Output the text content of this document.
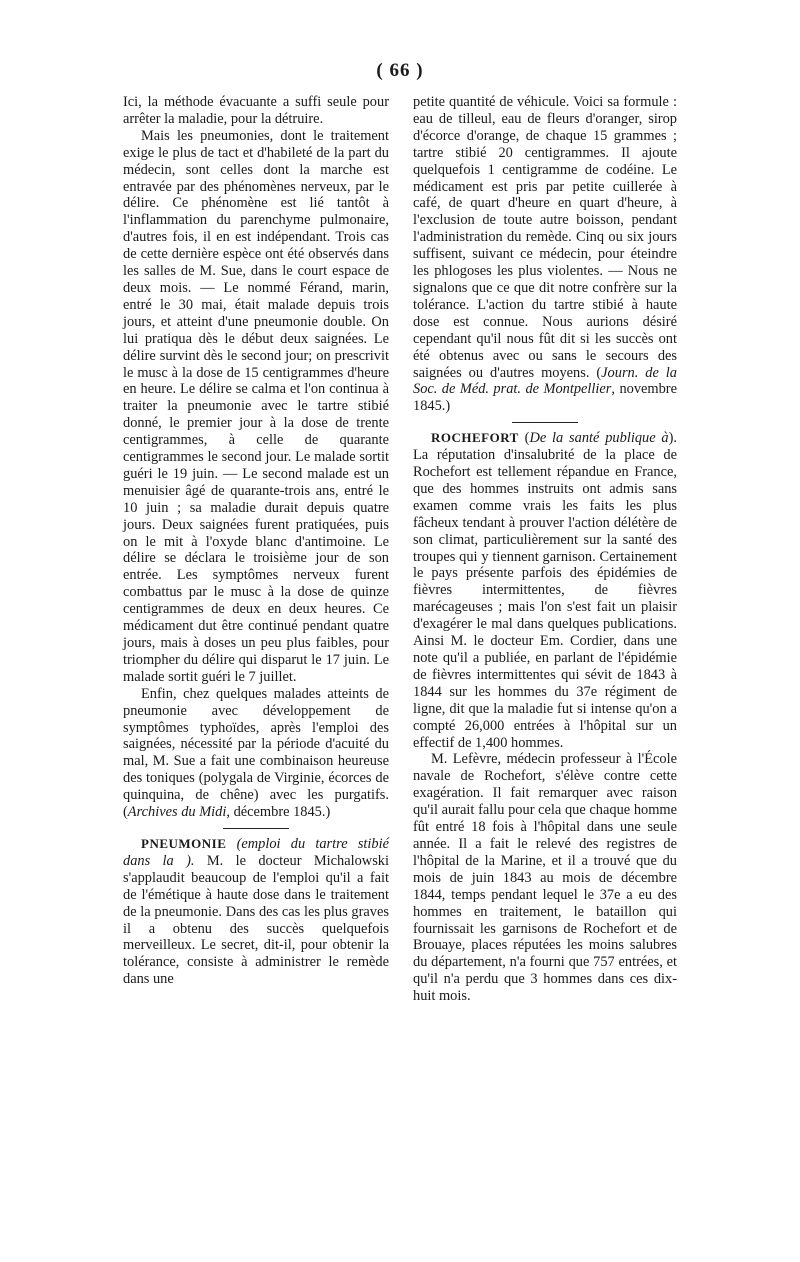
( 66 )

Ici, la méthode évacuante a suffi seule pour arrêter la maladie, pour la détruire.

Mais les pneumonies, dont le traitement exige le plus de tact et d'habileté de la part du médecin, sont celles dont la marche est entravée par des phénomènes nerveux, par le délire. Ce phénomène est lié tantôt à l'inflammation du parenchyme pulmonaire, d'autres fois, il en est indépendant. Trois cas de cette dernière espèce ont été observés dans les salles de M. Sue, dans le court espace de deux mois. — Le nommé Férand, marin, entré le 30 mai, était malade depuis trois jours, et atteint d'une pneumonie double. On lui pratiqua dès le début deux saignées. Le délire survint dès le second jour; on prescrivit le musc à la dose de 15 centigrammes d'heure en heure. Le délire se calma et l'on continua à traiter la pneumonie avec le tartre stibié donné, le premier jour à la dose de trente centigrammes, à celle de quarante centigrammes le second jour. Le malade sortit guéri le 19 juin. — Le second malade est un menuisier âgé de quarante-trois ans, entré le 10 juin ; sa maladie durait depuis quatre jours. Deux saignées furent pratiquées, puis on le mit à l'oxyde blanc d'antimoine. Le délire se déclara le troisième jour de son entrée. Les symptômes nerveux furent combattus par le musc à la dose de quinze centigrammes de deux en deux heures. Ce médicament dut être continué pendant quatre jours, mais à doses un peu plus faibles, pour triompher du délire qui disparut le 17 juin. Le malade sortit guéri le 7 juillet.

Enfin, chez quelques malades atteints de pneumonie avec développement de symptômes typhoïdes, après l'emploi des saignées, nécessité par la période d'acuité du mal, M. Sue a fait une combinaison heureuse des toniques (polygala de Virginie, écorces de quinquina, de chêne) avec les purgatifs. (Archives du Midi, décembre 1845.)

PNEUMONIE (emploi du tartre stibié dans la ). M. le docteur Michalowski s'applaudit beaucoup de l'emploi qu'il a fait de l'émétique à haute dose dans le traitement de la pneumonie. Dans des cas les plus graves il a obtenu des succès quelquefois merveilleux. Le secret, dit-il, pour obtenir la tolérance, consiste à administrer le remède dans une

petite quantité de véhicule. Voici sa formule : eau de tilleul, eau de fleurs d'oranger, sirop d'écorce d'orange, de chaque 15 grammes ; tartre stibié 20 centigrammes. Il ajoute quelquefois 1 centigramme de codéine. Le médicament est pris par petite cuillerée à café, de quart d'heure en quart d'heure, à l'exclusion de toute autre boisson, pendant l'administration du remède. Cinq ou six jours suffisent, suivant ce médecin, pour éteindre les phlogoses les plus violentes. — Nous ne signalons que ce que dit notre confrère sur la tolérance. L'action du tartre stibié à haute dose est connue. Nous aurions désiré cependant qu'il nous fût dit si les succès ont été obtenus avec ou sans le secours des saignées ou d'autres moyens. (Journ. de la Soc. de Méd. prat. de Montpellier, novembre 1845.)

ROCHEFORT (De la santé publique à). La réputation d'insalubrité de la place de Rochefort est tellement répandue en France, que des hommes instruits ont admis sans examen comme vrais les faits les plus fâcheux tendant à prouver l'action délétère de son climat, particulièrement sur la santé des troupes qui y tiennent garnison. Certainement le pays présente parfois des épidémies de fièvres intermittentes, de fièvres marécageuses ; mais l'on s'est fait un plaisir d'exagérer le mal dans quelques publications. Ainsi M. le docteur Em. Cordier, dans une note qu'il a publiée, en parlant de l'épidémie de fièvres intermittentes qui sévit de 1843 à 1844 sur les hommes du 37e régiment de ligne, dit que la maladie fut si intense qu'on a compté 26,000 entrées à l'hôpital sur un effectif de 1,400 hommes.

M. Lefèvre, médecin professeur à l'École navale de Rochefort, s'élève contre cette exagération. Il fait remarquer avec raison qu'il aurait fallu pour cela que chaque homme fût entré 18 fois à l'hôpital dans une seule année. Il a fait le relevé des registres de l'hôpital de la Marine, et il a trouvé que du mois de juin 1843 au mois de décembre 1844, temps pendant lequel le 37e a eu des hommes en traitement, le bataillon qui fournissait les garnisons de Rochefort et de Brouaye, places réputées les moins salubres du département, n'a fourni que 757 entrées, et qu'il n'a perdu que 3 hommes dans ces dix-huit mois.
